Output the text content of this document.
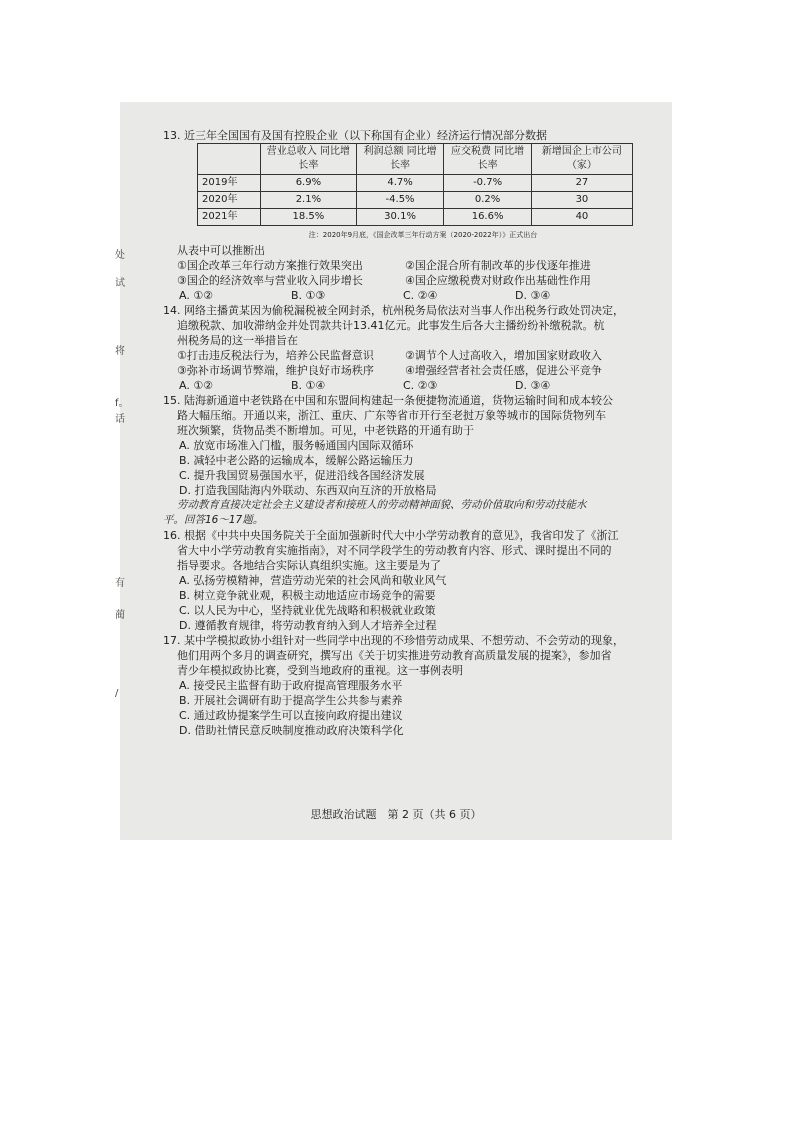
处
试
将
f。
话
有
蔺
/

13. 近三年全国国有及国有控股企业（以下称国有企业）经济运行情况部分数据

	营业总收入 同比增长率	利润总额 同比增长率	应交税费 同比增长率	新增国企上市公司（家）
2019年	6.9%	4.7%	-0.7%	27
2020年	2.1%	-4.5%	0.2%	30
2021年	18.5%	30.1%	16.6%	40

注：2020年9月底，《国企改革三年行动方案（2020-2022年）》正式出台

从表中可以推断出

①国企改革三年行动方案推行效果突出	②国企混合所有制改革的步伐逐年推进
③国企的经济效率与营业收入同步增长	④国企应缴税费对财政作出基础性作用
A. ①②	B. ①③	C. ②④	D. ③④

14. 网络主播黄某因为偷税漏税被全网封杀，杭州税务局依法对当事人作出税务行政处罚决定，

追缴税款、加收滞纳金并处罚款共计13.41亿元。此事发生后各大主播纷纷补缴税款。杭

州税务局的这一举措旨在

①打击违反税法行为，培养公民监督意识	②调节个人过高收入，增加国家财政收入
③弥补市场调节弊端，维护良好市场秩序	④增强经营者社会责任感，促进公平竞争
A. ①②	B. ①④	C. ②③	D. ③④

15. 陆海新通道中老铁路在中国和东盟间构建起一条便捷物流通道，货物运输时间和成本较公

路大幅压缩。开通以来，浙江、重庆、广东等省市开行至老挝万象等城市的国际货物列车

班次频繁，货物品类不断增加。可见，中老铁路的开通有助于

A. 放宽市场准入门槛，服务畅通国内国际双循环

B. 减轻中老公路的运输成本，缓解公路运输压力

C. 提升我国贸易强国水平，促进沿线各国经济发展

D. 打造我国陆海内外联动、东西双向互济的开放格局

劳动教育直接决定社会主义建设者和接班人的劳动精神面貌、劳动价值取向和劳动技能水

平。回答16～17题。

16. 根据《中共中央国务院关于全面加强新时代大中小学劳动教育的意见》，我省印发了《浙江

省大中小学劳动教育实施指南》，对不同学段学生的劳动教育内容、形式、课时提出不同的

指导要求。各地结合实际认真组织实施。这主要是为了

A. 弘扬劳模精神，营造劳动光荣的社会风尚和敬业风气

B. 树立竞争就业观，积极主动地适应市场竞争的需要

C. 以人民为中心，坚持就业优先战略和积极就业政策

D. 遵循教育规律，将劳动教育纳入到人才培养全过程

17. 某中学模拟政协小组针对一些同学中出现的不珍惜劳动成果、不想劳动、不会劳动的现象，

他们用两个多月的调查研究，撰写出《关于切实推进劳动教育高质量发展的提案》，参加省

青少年模拟政协比赛，受到当地政府的重视。这一事例表明

A. 接受民主监督有助于政府提高管理服务水平

B. 开展社会调研有助于提高学生公共参与素养

C. 通过政协提案学生可以直接向政府提出建议

D. 借助社情民意反映制度推动政府决策科学化

思想政治试题　第 2 页（共 6 页）
